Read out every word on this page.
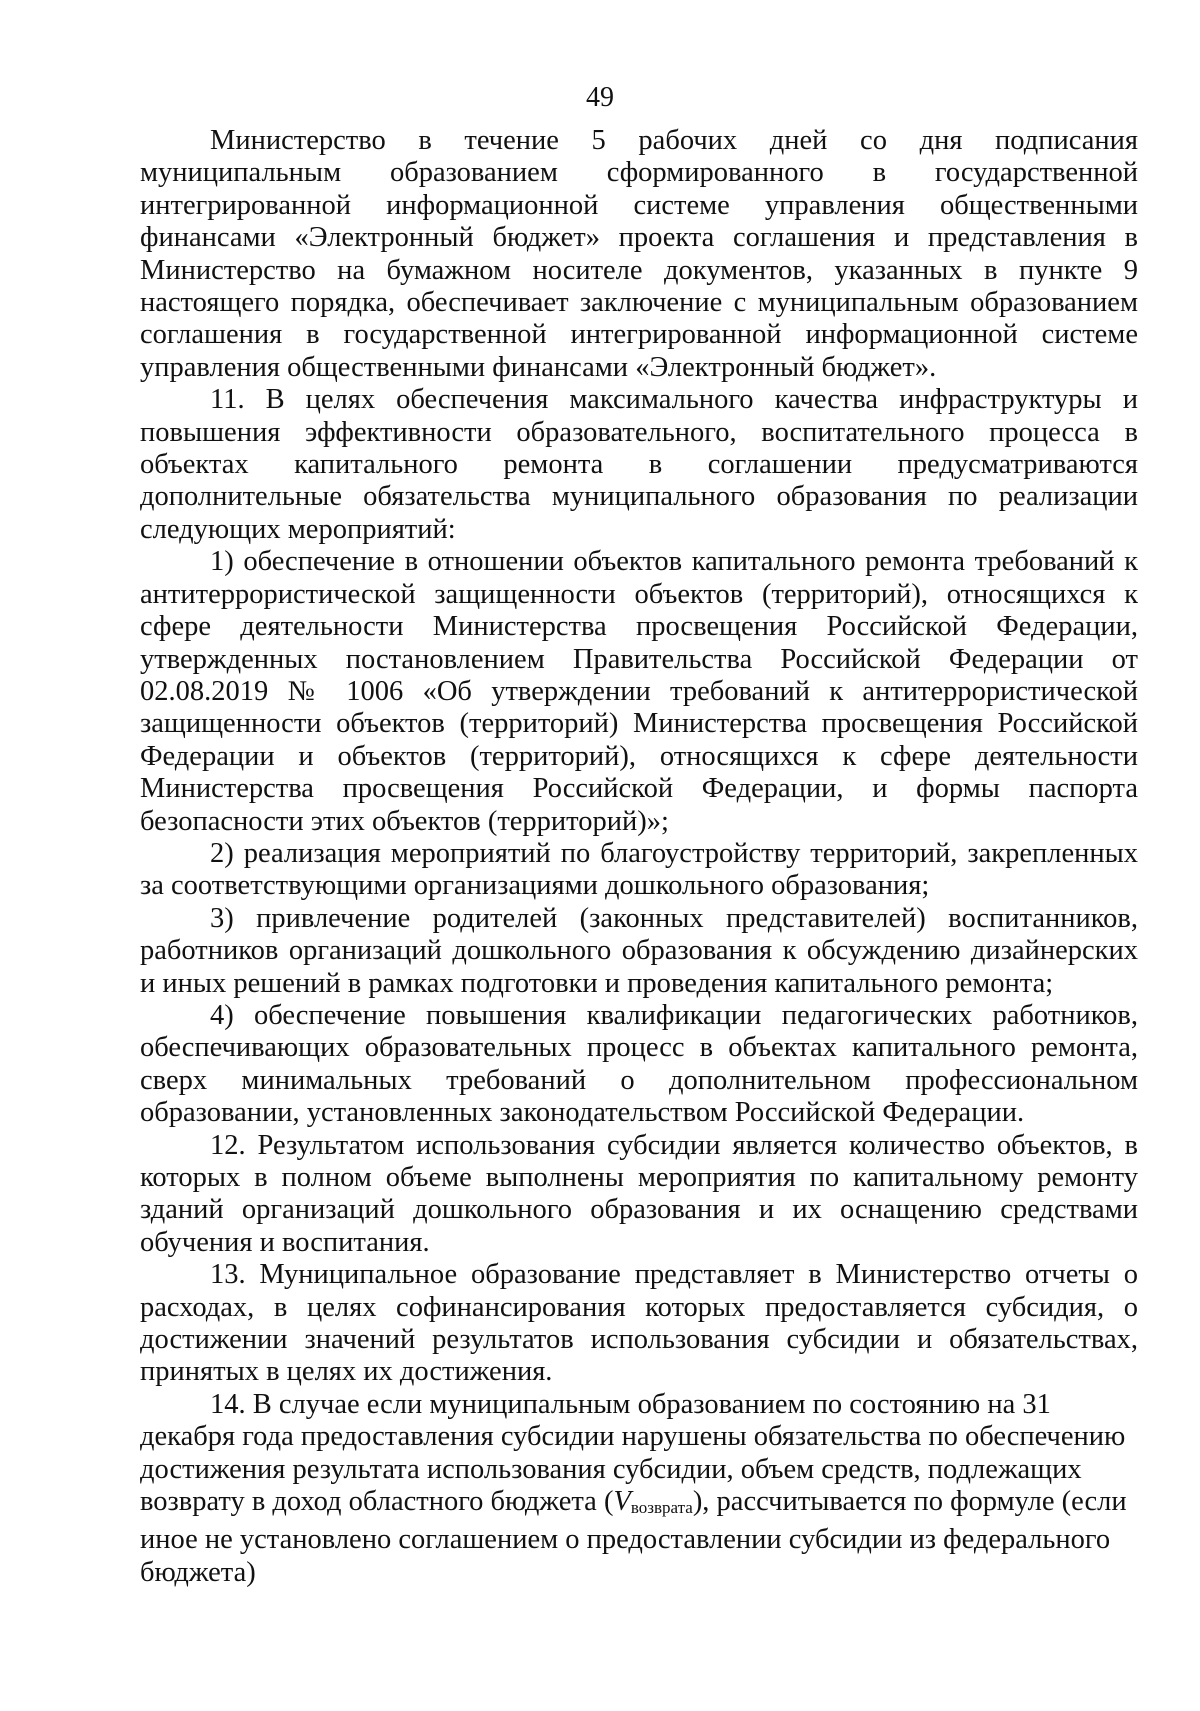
49

Министерство в течение 5 рабочих дней со дня подписания муниципальным образованием сформированного в государственной интегрированной информационной системе управления общественными финансами «Электронный бюджет» проекта соглашения и представления в Министерство на бумажном носителе документов, указанных в пункте 9 настоящего порядка, обеспечивает заключение с муниципальным образованием соглашения в государственной интегрированной информационной системе управления общественными финансами «Электронный бюджет».

11. В целях обеспечения максимального качества инфраструктуры и повышения эффективности образовательного, воспитательного процесса в объектах капитального ремонта в соглашении предусматриваются дополнительные обязательства муниципального образования по реализации следующих мероприятий:

1) обеспечение в отношении объектов капитального ремонта требований к антитеррористической защищенности объектов (территорий), относящихся к сфере деятельности Министерства просвещения Российской Федерации, утвержденных постановлением Правительства Российской Федерации от 02.08.2019 № 1006 «Об утверждении требований к антитеррористической защищенности объектов (территорий) Министерства просвещения Российской Федерации и объектов (территорий), относящихся к сфере деятельности Министерства просвещения Российской Федерации, и формы паспорта безопасности этих объектов (территорий)»;

2) реализация мероприятий по благоустройству территорий, закрепленных за соответствующими организациями дошкольного образования;

3) привлечение родителей (законных представителей) воспитанников, работников организаций дошкольного образования к обсуждению дизайнерских и иных решений в рамках подготовки и проведения капитального ремонта;

4) обеспечение повышения квалификации педагогических работников, обеспечивающих образовательных процесс в объектах капитального ремонта, сверх минимальных требований о дополнительном профессиональном образовании, установленных законодательством Российской Федерации.

12. Результатом использования субсидии является количество объектов, в которых в полном объеме выполнены мероприятия по капитальному ремонту зданий организаций дошкольного образования и их оснащению средствами обучения и воспитания.

13. Муниципальное образование представляет в Министерство отчеты о расходах, в целях софинансирования которых предоставляется субсидия, о достижении значений результатов использования субсидии и обязательствах, принятых в целях их достижения.

14. В случае если муниципальным образованием по состоянию на 31 декабря года предоставления субсидии нарушены обязательства по обеспечению достижения результата использования субсидии, объем средств, подлежащих возврату в доход областного бюджета $(V_{возврата})$, рассчитывается по формуле (если иное не установлено соглашением о предоставлении субсидии из федерального бюджета)
